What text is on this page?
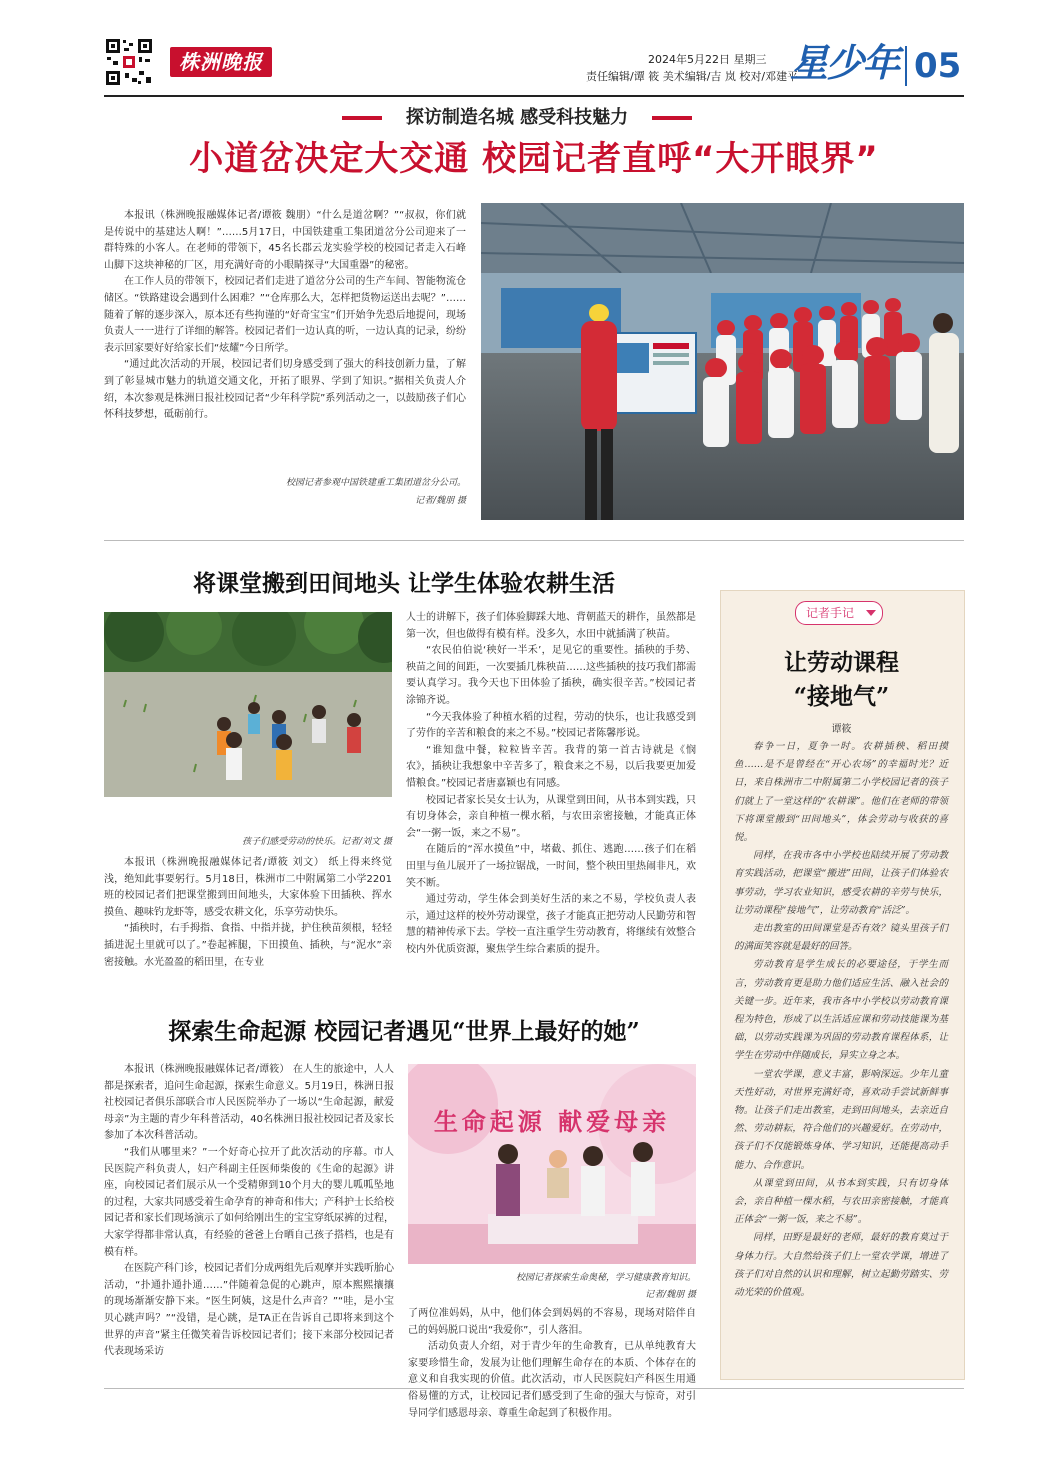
株洲晚报	2024年5月22日 星期三
责任编辑/谭 筱 美术编辑/吉 岚 校对/邓建平
星少年 05
探访制造名城 感受科技魅力
小道岔决定大交通 校园记者直呼“大开眼界”

本报讯（株洲晚报融媒体记者/谭筱 魏朋）“什么是道岔啊？”“叔叔，你们就是传说中的基建达人啊！”……5月17日，中国铁建重工集团道岔分公司迎来了一群特殊的小客人。在老师的带领下，45名长郡云龙实验学校的校园记者走入石峰山脚下这块神秘的厂区，用充满好奇的小眼睛探寻“大国重器”的秘密。

在工作人员的带领下，校园记者们走进了道岔分公司的生产车间、智能物流仓储区。“铁路建设会遇到什么困难？”“仓库那么大，怎样把货物运送出去呢？”……随着了解的逐步深入，原本还有些拘谨的“好奇宝宝”们开始争先恐后地提问，现场负责人一一进行了详细的解答。校园记者们一边认真的听，一边认真的记录，纷纷表示回家要好好给家长们“炫耀”今日所学。

“通过此次活动的开展，校园记者们切身感受到了强大的科技创新力量，了解到了彰显城市魅力的轨道交通文化，开拓了眼界、学到了知识。”据相关负责人介绍，本次参观是株洲日报社校园记者“少年科学院”系列活动之一，以鼓励孩子们心怀科技梦想，砥砺前行。

校园记者参观中国铁建重工集团道岔分公司。
记者/魏朋 摄
将课堂搬到田间地头 让学生体验农耕生活
孩子们感受劳动的快乐。记者/刘文 摄

本报讯（株洲晚报融媒体记者/谭筱 刘文） 纸上得来终觉浅，绝知此事要躬行。5月18日，株洲市二中附属第二小学2201班的校园记者们把课堂搬到田间地头，大家体验下田插秧、挥水摸鱼、趣味钓龙虾等，感受农耕文化，乐享劳动快乐。

“插秧时，右手拇指、食指、中指并拢，护住秧苗须根，轻轻插进泥土里就可以了。”卷起裤腿，下田摸鱼、插秧，与“泥水”亲密接触。水光盈盈的稻田里，在专业

人士的讲解下，孩子们体验脚踩大地、背朝蓝天的耕作，虽然都是第一次，但也做得有模有样。没多久，水田中就插满了秧苗。

“农民伯伯说‘秧好一半禾’，足见它的重要性。插秧的手势、秧苗之间的间距，一次要插几株秧苗……这些插秧的技巧我们都需要认真学习。我今天也下田体验了插秧，确实很辛苦。”校园记者涂锦齐说。

“今天我体验了种植水稻的过程，劳动的快乐，也让我感受到了劳作的辛苦和粮食的来之不易。”校园记者陈馨彤说。

“谁知盘中餐，粒粒皆辛苦。我背的第一首古诗就是《悯农》，插秧让我想象中辛苦多了，粮食来之不易，以后我要更加爱惜粮食。”校园记者唐嘉颖也有同感。

校园记者家长吴女士认为，从课堂到田间，从书本到实践，只有切身体会，亲自种植一棵水稻，与农田亲密接触，才能真正体会“一粥一饭，来之不易”。

在随后的“浑水摸鱼”中，堵截、抓住、逃跑……孩子们在稻田里与鱼儿展开了一场拉锯战，一时间，整个秧田里热闹非凡，欢笑不断。

通过劳动，学生体会到美好生活的来之不易，学校负责人表示，通过这样的校外劳动课堂，孩子才能真正把劳动人民勤劳和智慧的精神传承下去。学校一直注重学生劳动教育，将继续有效整合校内外优质资源，聚焦学生综合素质的提升。

探索生命起源 校园记者遇见“世界上最好的她”

本报讯（株洲晚报融媒体记者/谭筱） 在人生的旅途中，人人都是探索者，追问生命起源，探索生命意义。5月19日，株洲日报社校园记者俱乐部联合市人民医院举办了一场以“生命起源，献爱母亲”为主题的青少年科普活动，40名株洲日报社校园记者及家长参加了本次科普活动。

“我们从哪里来？”一个好奇心拉开了此次活动的序幕。市人民医院产科负责人，妇产科副主任医师柴俊的《生命的起源》讲座，向校园记者们展示从一个受精卵到10个月大的婴儿呱呱坠地的过程，大家共同感受着生命孕育的神奇和伟大；产科护士长给校园记者和家长们现场演示了如何给刚出生的宝宝穿纸尿裤的过程，大家学得都非常认真，有经验的爸爸上台晒自己孩子搭档，也是有模有样。

在医院产科门诊，校园记者们分成两组先后观摩并实践听胎心活动，“扑通扑通扑通……”伴随着急促的心跳声，原本熙熙攘攘的现场渐渐安静下来。“医生阿姨，这是什么声音？”“哇，是小宝贝心跳声吗？”“没错，是心跳，是TA正在告诉自己即将来到这个世界的声音”紧主任微笑着告诉校园记者们；接下来部分校园记者代表现场采访

生命起源 献爱母亲
校园记者探索生命奥秘，学习健康教育知识。
记者/魏朋 摄

了两位准妈妈，从中，他们体会到妈妈的不容易，现场对陪伴自己的妈妈脱口说出“我爱你”，引人落泪。

活动负责人介绍，对于青少年的生命教育，已从单纯教育大家要珍惜生命，发展为让他们理解生命存在的本质、个体存在的意义和自我实现的价值。此次活动，市人民医院妇产科医生用通俗易懂的方式，让校园记者们感受到了生命的强大与惊奇，对引导同学们感恩母亲、尊重生命起到了积极作用。

记者手记
让劳动课程
“接地气”
谭筱

春争一日，夏争一时。农耕插秧、稻田摸鱼……是不是曾经在“开心农场”的幸福时光？近日，来自株洲市二中附属第二小学校园记者的孩子们就上了一堂这样的“农耕课”。他们在老师的带领下将课堂搬到“田间地头”，体会劳动与收获的喜悦。

同样，在我市各中小学校也陆续开展了劳动教育实践活动，把课堂“搬进”田间，让孩子们体验农事劳动，学习农业知识，感受农耕的辛劳与快乐，让劳动课程“接地气”，让劳动教育“活泛”。

走出教室的田间课堂是否有效？镜头里孩子们的满面笑容就是最好的回答。

劳动教育是学生成长的必要途径，于学生而言，劳动教育更是助力他们适应生活、融入社会的关键一步。近年来，我市各中小学校以劳动教育课程为特色，形成了以生活适应课和劳动技能课为基础，以劳动实践课为巩固的劳动教育课程体系，让学生在劳动中伴随成长，异实立身之本。

一堂农学课，意义丰富，影响深远。少年儿童天性好动，对世界充满好奇，喜欢动手尝试新鲜事物。让孩子们走出教室，走到田间地头，去亲近自然、劳动耕耘，符合他们的兴趣爱好。在劳动中，孩子们不仅能锻炼身体、学习知识，还能提高动手能力、合作意识。

从课堂到田间，从书本到实践，只有切身体会，亲自种植一棵水稻，与农田亲密接触，才能真正体会“一粥一饭，来之不易”。

同样，田野是最好的老师，最好的教育莫过于身体力行。大自然给孩子们上一堂农学课，增进了孩子们对自然的认识和理解，树立起勤劳踏实、劳动光荣的价值观。
